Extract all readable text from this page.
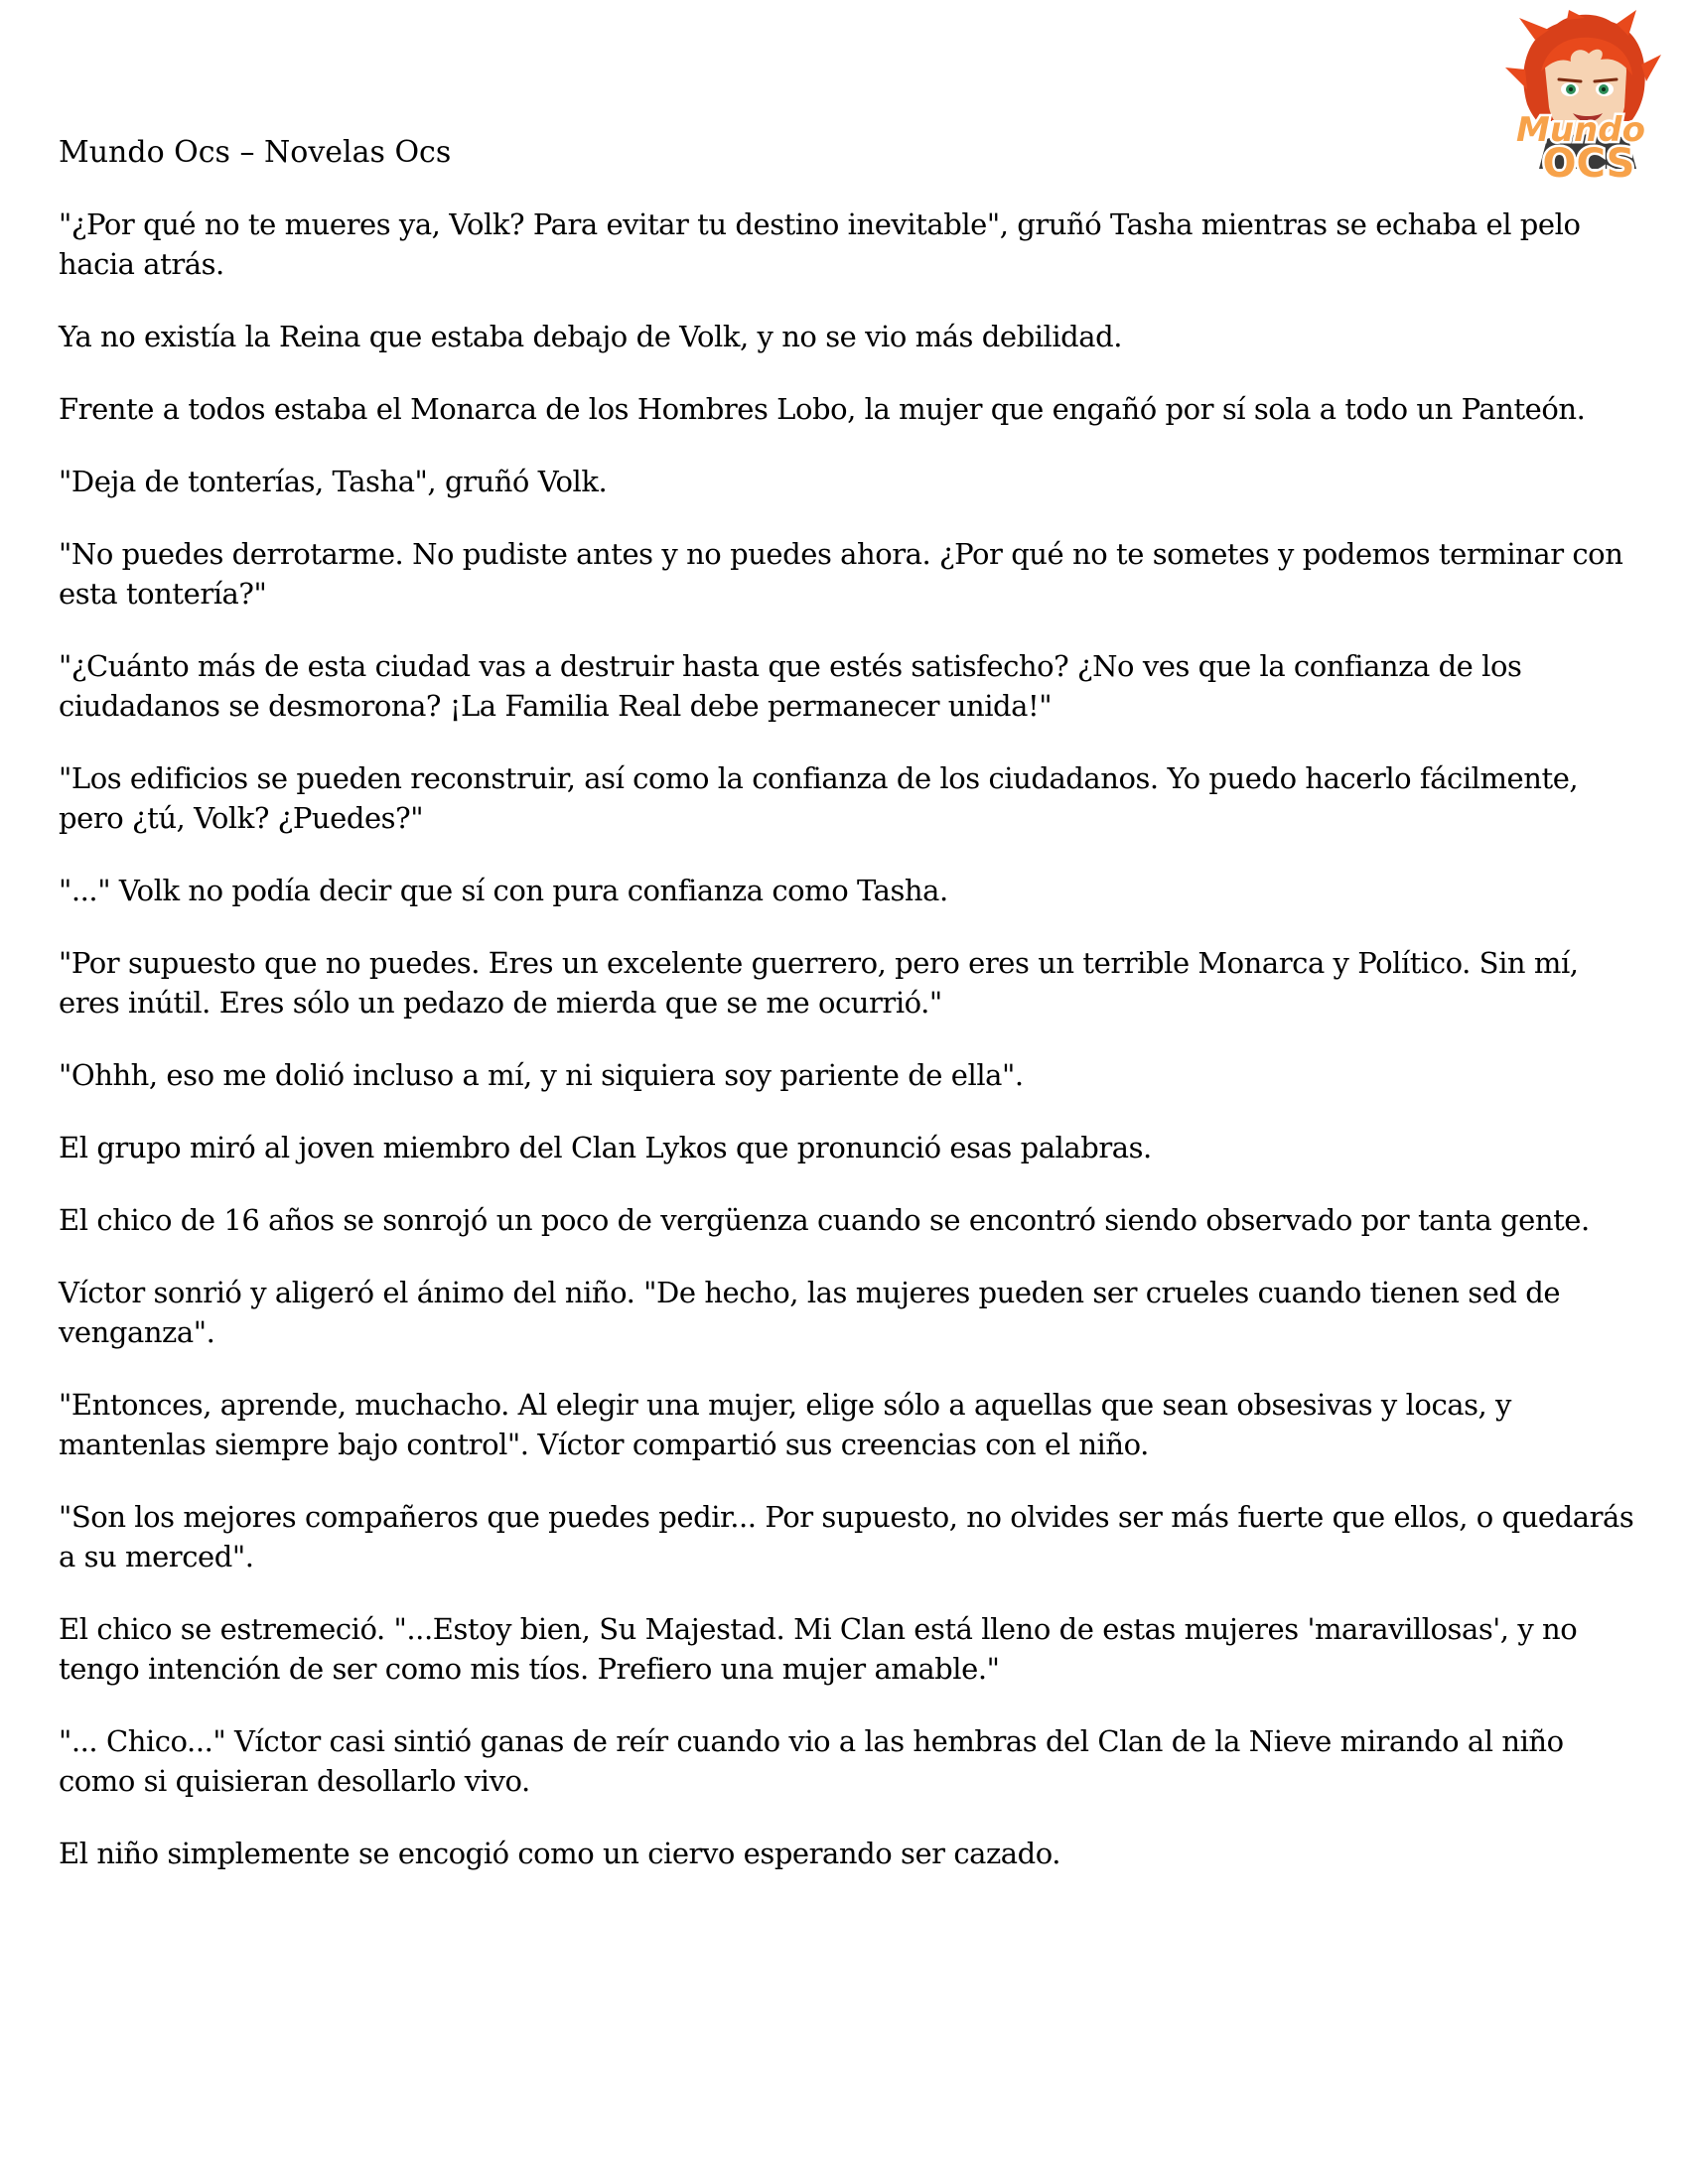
Mundo Ocs – Novelas Ocs
Mundo
OCS

"¿Por qué no te mueres ya, Volk? Para evitar tu destino inevitable", gruñó Tasha mientras se echaba el pelo hacia atrás.

Ya no existía la Reina que estaba debajo de Volk, y no se vio más debilidad.

Frente a todos estaba el Monarca de los Hombres Lobo, la mujer que engañó por sí sola a todo un Panteón.

"Deja de tonterías, Tasha", gruñó Volk.

"No puedes derrotarme. No pudiste antes y no puedes ahora. ¿Por qué no te sometes y podemos terminar con esta tontería?"

"¿Cuánto más de esta ciudad vas a destruir hasta que estés satisfecho? ¿No ves que la confianza de los ciudadanos se desmorona? ¡La Familia Real debe permanecer unida!"

"Los edificios se pueden reconstruir, así como la confianza de los ciudadanos. Yo puedo hacerlo fácilmente, pero ¿tú, Volk? ¿Puedes?"

"..." Volk no podía decir que sí con pura confianza como Tasha.

"Por supuesto que no puedes. Eres un excelente guerrero, pero eres un terrible Monarca y Político. Sin mí, eres inútil. Eres sólo un pedazo de mierda que se me ocurrió."

"Ohhh, eso me dolió incluso a mí, y ni siquiera soy pariente de ella".

El grupo miró al joven miembro del Clan Lykos que pronunció esas palabras.

El chico de 16 años se sonrojó un poco de vergüenza cuando se encontró siendo observado por tanta gente.

Víctor sonrió y aligeró el ánimo del niño. "De hecho, las mujeres pueden ser crueles cuando tienen sed de venganza".

"Entonces, aprende, muchacho. Al elegir una mujer, elige sólo a aquellas que sean obsesivas y locas, y mantenlas siempre bajo control". Víctor compartió sus creencias con el niño.

"Son los mejores compañeros que puedes pedir... Por supuesto, no olvides ser más fuerte que ellos, o quedarás a su merced".

El chico se estremeció. "...Estoy bien, Su Majestad. Mi Clan está lleno de estas mujeres 'maravillosas', y no tengo intención de ser como mis tíos. Prefiero una mujer amable."

"... Chico..." Víctor casi sintió ganas de reír cuando vio a las hembras del Clan de la Nieve mirando al niño como si quisieran desollarlo vivo.

El niño simplemente se encogió como un ciervo esperando ser cazado.
